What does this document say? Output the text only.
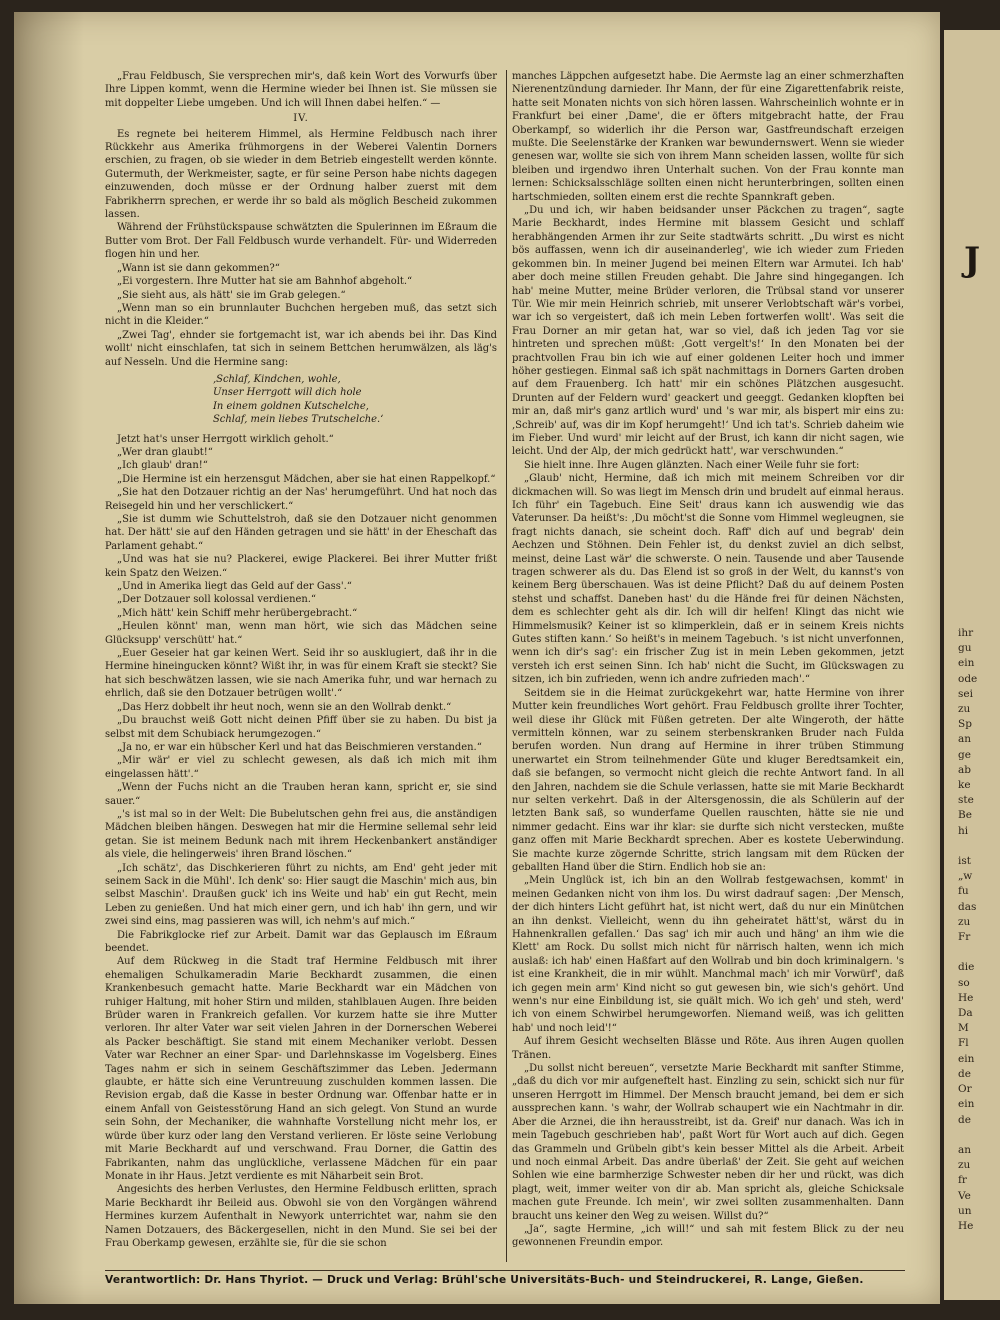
J
ihr
gu
ein
ode
sei
zu
Sp
an
ge
ab
ke
ste
Be
hi

ist
„w
fu
das
zu
Fr

die
so
He
Da
M
Fl
ein
de
Or
ein
de

an
zu
fr
Ve
un
He

„Frau Feldbusch, Sie versprechen mir's, daß kein Wort des Vorwurfs über Ihre Lippen kommt, wenn die Hermine wieder bei Ihnen ist. Sie müssen sie mit doppelter Liebe umgeben. Und ich will Ihnen dabei helfen.“ —

IV.

Es regnete bei heiterem Himmel, als Hermine Feldbusch nach ihrer Rückkehr aus Amerika frühmorgens in der Weberei Valentin Dorners erschien, zu fragen, ob sie wieder in dem Betrieb eingestellt werden könnte. Gutermuth, der Werkmeister, sagte, er für seine Person habe nichts dagegen einzuwenden, doch müsse er der Ordnung halber zuerst mit dem Fabrikherrn sprechen, er werde ihr so bald als möglich Bescheid zukommen lassen.

Während der Frühstückspause schwätzten die Spulerinnen im Eßraum die Butter vom Brot. Der Fall Feldbusch wurde verhandelt. Für- und Widerreden flogen hin und her.

„Wann ist sie dann gekommen?“

„Ei vorgestern. Ihre Mutter hat sie am Bahnhof abgeholt.“

„Sie sieht aus, als hätt' sie im Grab gelegen.“

„Wenn man so ein brunnlauter Buchchen hergeben muß, das setzt sich nicht in die Kleider.“

„Zwei Tag', ehnder sie fortgemacht ist, war ich abends bei ihr. Das Kind wollt' nicht einschlafen, tat sich in seinem Bettchen herumwälzen, als läg's auf Nesseln. Und die Hermine sang:

‚Schlaf, Kindchen, wohle,
Unser Herrgott will dich hole
In einem goldnen Kutschelche,
Schlaf, mein liebes Trutschelche.‘

Jetzt hat's unser Herrgott wirklich geholt.“

„Wer dran glaubt!“

„Ich glaub' dran!“

„Die Hermine ist ein herzensgut Mädchen, aber sie hat einen Rappelkopf.“

„Sie hat den Dotzauer richtig an der Nas' herumgeführt. Und hat noch das Reisegeld hin und her verschlickert.“

„Sie ist dumm wie Schuttelstroh, daß sie den Dotzauer nicht genommen hat. Der hätt' sie auf den Händen getragen und sie hätt' in der Eheschaft das Parlament gehabt.“

„Und was hat sie nu? Plackerei, ewige Plackerei. Bei ihrer Mutter frißt kein Spatz den Weizen.“

„Und in Amerika liegt das Geld auf der Gass'.“

„Der Dotzauer soll kolossal verdienen.“

„Mich hätt' kein Schiff mehr herübergebracht.“

„Heulen könnt' man, wenn man hört, wie sich das Mädchen seine Glücksupp' verschütt' hat.“

„Euer Geseier hat gar keinen Wert. Seid ihr so ausklugiert, daß ihr in die Hermine hineingucken könnt? Wißt ihr, in was für einem Kraft sie steckt? Sie hat sich beschwätzen lassen, wie sie nach Amerika fuhr, und war hernach zu ehrlich, daß sie den Dotzauer betrügen wollt'.“

„Das Herz dobbelt ihr heut noch, wenn sie an den Wollrab denkt.“

„Du brauchst weiß Gott nicht deinen Pfiff über sie zu haben. Du bist ja selbst mit dem Schubiack herumgezogen.“

„Ja no, er war ein hübscher Kerl und hat das Beischmieren verstanden.“

„Mir wär' er viel zu schlecht gewesen, als daß ich mich mit ihm eingelassen hätt'.“

„Wenn der Fuchs nicht an die Trauben heran kann, spricht er, sie sind sauer.“

„'s ist mal so in der Welt: Die Bubelutschen gehn frei aus, die anständigen Mädchen bleiben hängen. Deswegen hat mir die Hermine sellemal sehr leid getan. Sie ist meinem Bedunk nach mit ihrem Heckenbankert anständiger als viele, die helingerweis' ihren Brand löschen.“

„Ich schätz', das Dischkerieren führt zu nichts, am End' geht jeder mit seinem Sack in die Mühl'. Ich denk' so: Hier saugt die Maschin' mich aus, bin selbst Maschin'. Draußen guck' ich ins Weite und hab' ein gut Recht, mein Leben zu genießen. Und hat mich einer gern, und ich hab' ihn gern, und wir zwei sind eins, mag passieren was will, ich nehm's auf mich.“

Die Fabrikglocke rief zur Arbeit. Damit war das Geplausch im Eßraum beendet.

Auf dem Rückweg in die Stadt traf Hermine Feldbusch mit ihrer ehemaligen Schulkameradin Marie Beckhardt zusammen, die einen Krankenbesuch gemacht hatte. Marie Beckhardt war ein Mädchen von ruhiger Haltung, mit hoher Stirn und milden, stahlblauen Augen. Ihre beiden Brüder waren in Frankreich gefallen. Vor kurzem hatte sie ihre Mutter verloren. Ihr alter Vater war seit vielen Jahren in der Dornerschen Weberei als Packer beschäftigt. Sie stand mit einem Mechaniker verlobt. Dessen Vater war Rechner an einer Spar- und Darlehnskasse im Vogelsberg. Eines Tages nahm er sich in seinem Geschäftszimmer das Leben. Jedermann glaubte, er hätte sich eine Veruntreuung zuschulden kommen lassen. Die Revision ergab, daß die Kasse in bester Ordnung war. Offenbar hatte er in einem Anfall von Geistesstörung Hand an sich gelegt. Von Stund an wurde sein Sohn, der Mechaniker, die wahnhafte Vorstellung nicht mehr los, er würde über kurz oder lang den Verstand verlieren. Er löste seine Verlobung mit Marie Beckhardt auf und verschwand. Frau Dorner, die Gattin des Fabrikanten, nahm das unglückliche, verlassene Mädchen für ein paar Monate in ihr Haus. Jetzt verdiente es mit Näharbeit sein Brot.

Angesichts des herben Verlustes, den Hermine Feldbusch erlitten, sprach Marie Beckhardt ihr Beileid aus. Obwohl sie von den Vorgängen während Hermines kurzem Aufenthalt in Newyork unterrichtet war, nahm sie den Namen Dotzauers, des Bäckergesellen, nicht in den Mund. Sie sei bei der Frau Oberkamp gewesen, erzählte sie, für die sie schon

manches Läppchen aufgesetzt habe. Die Aermste lag an einer schmerzhaften Nierenentzündung darnieder. Ihr Mann, der für eine Zigarettenfabrik reiste, hatte seit Monaten nichts von sich hören lassen. Wahrscheinlich wohnte er in Frankfurt bei einer ‚Dame', die er öfters mitgebracht hatte, der Frau Oberkampf, so widerlich ihr die Person war, Gastfreundschaft erzeigen mußte. Die Seelenstärke der Kranken war bewundernswert. Wenn sie wieder genesen war, wollte sie sich von ihrem Mann scheiden lassen, wollte für sich bleiben und irgendwo ihren Unterhalt suchen. Von der Frau konnte man lernen: Schicksalsschläge sollten einen nicht herunterbringen, sollten einen hartschmieden, sollten einem erst die rechte Spannkraft geben.

„Du und ich, wir haben beidsander unser Päckchen zu tragen“, sagte Marie Beckhardt, indes Hermine mit blassem Gesicht und schlaff herabhängenden Armen ihr zur Seite stadtwärts schritt. „Du wirst es nicht bös auffassen, wenn ich dir auseinanderleg', wie ich wieder zum Frieden gekommen bin. In meiner Jugend bei meinen Eltern war Armutei. Ich hab' aber doch meine stillen Freuden gehabt. Die Jahre sind hingegangen. Ich hab' meine Mutter, meine Brüder verloren, die Trübsal stand vor unserer Tür. Wie mir mein Heinrich schrieb, mit unserer Verlobtschaft wär's vorbei, war ich so vergeistert, daß ich mein Leben fortwerfen wollt'. Was seit die Frau Dorner an mir getan hat, war so viel, daß ich jeden Tag vor sie hintreten und sprechen müßt: ‚Gott vergelt's!‘ In den Monaten bei der prachtvollen Frau bin ich wie auf einer goldenen Leiter hoch und immer höher gestiegen. Einmal saß ich spät nachmittags in Dorners Garten droben auf dem Frauenberg. Ich hatt' mir ein schönes Plätzchen ausgesucht. Drunten auf der Feldern wurd' geackert und geeggt. Gedanken klopften bei mir an, daß mir's ganz artlich wurd' und 's war mir, als bispert mir eins zu: ‚Schreib' auf, was dir im Kopf herumgeht!‘ Und ich tat's. Schrieb daheim wie im Fieber. Und wurd' mir leicht auf der Brust, ich kann dir nicht sagen, wie leicht. Und der Alp, der mich gedrückt hatt', war verschwunden.“

Sie hielt inne. Ihre Augen glänzten. Nach einer Weile fuhr sie fort:

„Glaub' nicht, Hermine, daß ich mich mit meinem Schreiben vor dir dickmachen will. So was liegt im Mensch drin und brudelt auf einmal heraus. Ich führ' ein Tagebuch. Eine Seit' draus kann ich auswendig wie das Vaterunser. Da heißt's: ‚Du möcht'st die Sonne vom Himmel wegleugnen, sie fragt nichts danach, sie scheint doch. Raff' dich auf und begrab' dein Aechzen und Stöhnen. Dein Fehler ist, du denkst zuviel an dich selbst, meinst, deine Last wär' die schwerste. O nein. Tausende und aber Tausende tragen schwerer als du. Das Elend ist so groß in der Welt, du kannst's von keinem Berg überschauen. Was ist deine Pflicht? Daß du auf deinem Posten stehst und schaffst. Daneben hast' du die Hände frei für deinen Nächsten, dem es schlechter geht als dir. Ich will dir helfen! Klingt das nicht wie Himmelsmusik? Keiner ist so klimperklein, daß er in seinem Kreis nichts Gutes stiften kann.‘ So heißt's in meinem Tagebuch. 's ist nicht unverfonnen, wenn ich dir's sag': ein frischer Zug ist in mein Leben gekommen, jetzt versteh ich erst seinen Sinn. Ich hab' nicht die Sucht, im Glückswagen zu sitzen, ich bin zufrieden, wenn ich andre zufrieden mach'.“

Seitdem sie in die Heimat zurückgekehrt war, hatte Hermine von ihrer Mutter kein freundliches Wort gehört. Frau Feldbusch grollte ihrer Tochter, weil diese ihr Glück mit Füßen getreten. Der alte Wingeroth, der hätte vermitteln können, war zu seinem sterbenskranken Bruder nach Fulda berufen worden. Nun drang auf Hermine in ihrer trüben Stimmung unerwartet ein Strom teilnehmender Güte und kluger Beredtsamkeit ein, daß sie befangen, so vermocht nicht gleich die rechte Antwort fand. In all den Jahren, nachdem sie die Schule verlassen, hatte sie mit Marie Beckhardt nur selten verkehrt. Daß in der Altersgenossin, die als Schülerin auf der letzten Bank saß, so wunderfame Quellen rauschten, hätte sie nie und nimmer gedacht. Eins war ihr klar: sie durfte sich nicht verstecken, mußte ganz offen mit Marie Beckhardt sprechen. Aber es kostete Ueberwindung. Sie machte kurze zögernde Schritte, strich langsam mit dem Rücken der geballten Hand über die Stirn. Endlich hob sie an:

„Mein Unglück ist, ich bin an den Wollrab festgewachsen, kommt' in meinen Gedanken nicht von ihm los. Du wirst dadrauf sagen: ‚Der Mensch, der dich hinters Licht geführt hat, ist nicht wert, daß du nur ein Minütchen an ihn denkst. Vielleicht, wenn du ihn geheiratet hätt'st, wärst du in Hahnenkrallen gefallen.‘ Das sag' ich mir auch und häng' an ihm wie die Klett' am Rock. Du sollst mich nicht für närrisch halten, wenn ich mich auslaß: ich hab' einen Haßfart auf den Wollrab und bin doch kriminalgern. 's ist eine Krankheit, die in mir wühlt. Manchmal mach' ich mir Vorwürf', daß ich gegen mein arm' Kind nicht so gut gewesen bin, wie sich's gehört. Und wenn's nur eine Einbildung ist, sie quält mich. Wo ich geh' und steh, werd' ich von einem Schwirbel herumgeworfen. Niemand weiß, was ich gelitten hab' und noch leid'!“

Auf ihrem Gesicht wechselten Blässe und Röte. Aus ihren Augen quollen Tränen.

„Du sollst nicht bereuen“, versetzte Marie Beckhardt mit sanfter Stimme, „daß du dich vor mir aufgeneftelt hast. Einzling zu sein, schickt sich nur für unseren Herrgott im Himmel. Der Mensch braucht jemand, bei dem er sich aussprechen kann. 's wahr, der Wollrab schaupert wie ein Nachtmahr in dir. Aber die Arznei, die ihn herausstreibt, ist da. Greif' nur danach. Was ich in mein Tagebuch geschrieben hab', paßt Wort für Wort auch auf dich. Gegen das Grammeln und Grübeln gibt's kein besser Mittel als die Arbeit. Arbeit und noch einmal Arbeit. Das andre überlaß' der Zeit. Sie geht auf weichen Sohlen wie eine barmherzige Schwester neben dir her und rückt, was dich plagt, weit, immer weiter von dir ab. Man spricht als, gleiche Schicksale machen gute Freunde. Ich mein', wir zwei sollten zusammenhalten. Dann braucht uns keiner den Weg zu weisen. Willst du?“

„Ja“, sagte Hermine, „ich will!“ und sah mit festem Blick zu der neu gewonnenen Freundin empor.

Verantwortlich: Dr. Hans Thyriot. — Druck und Verlag: Brühl'sche Universitäts-Buch- und Steindruckerei, R. Lange, Gießen.
